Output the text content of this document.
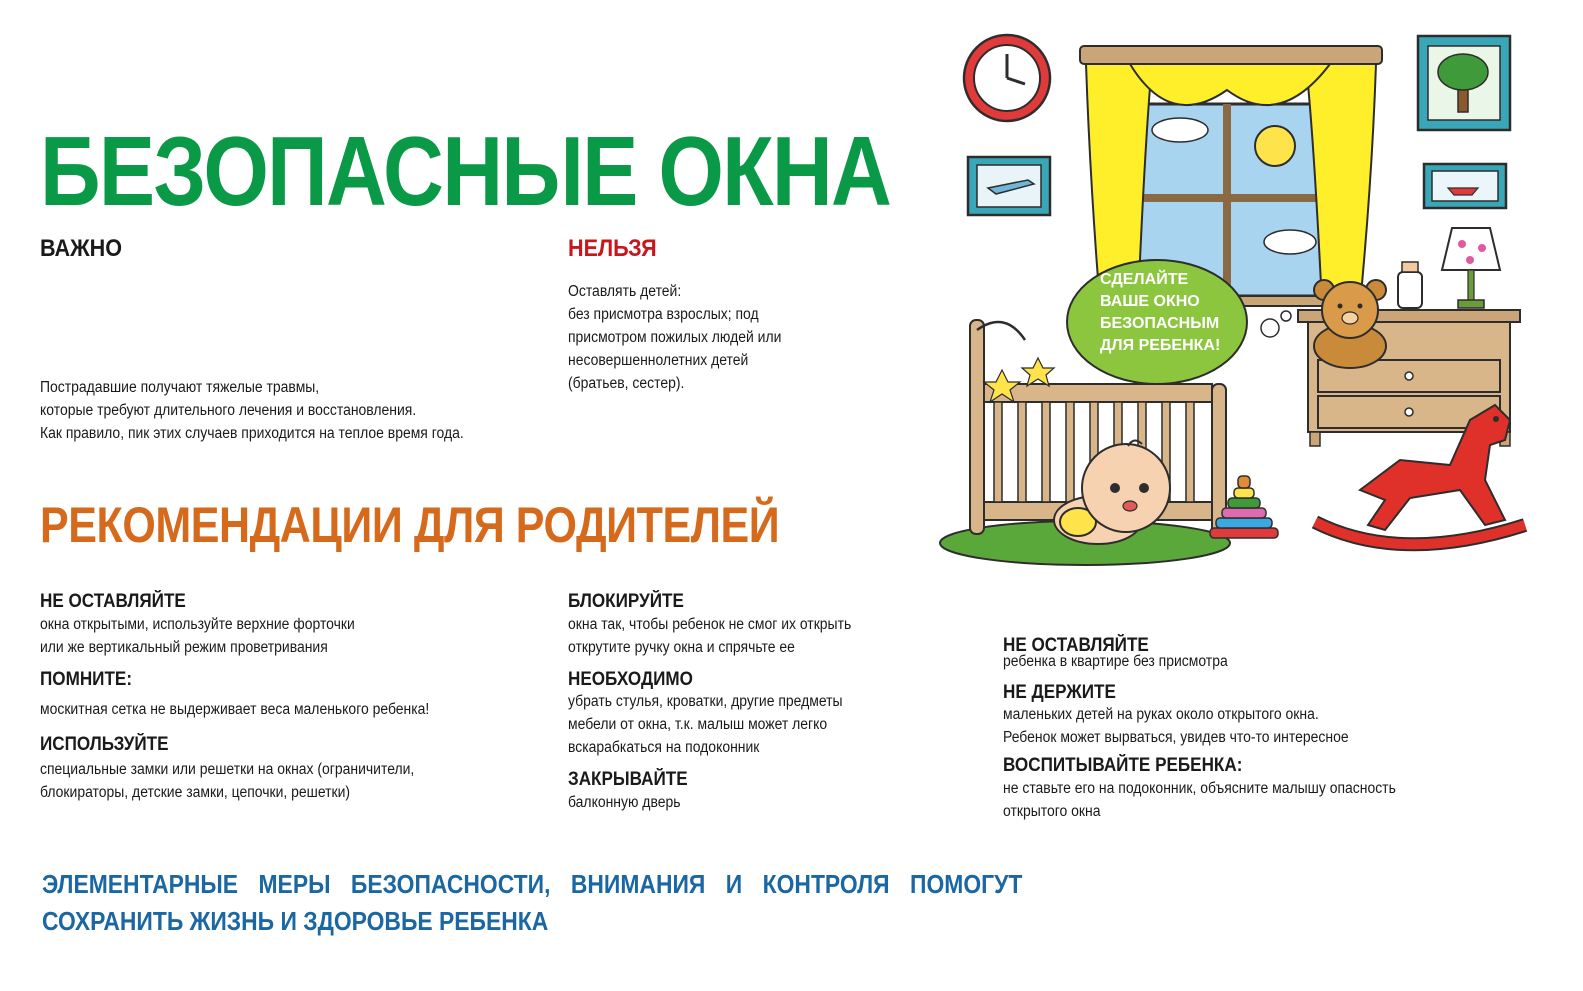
БЕЗОПАСНЫЕ ОКНА
ВАЖНО
Пострадавшие получают тяжелые травмы,
которые требуют длительного лечения и восстановления.
Как правило, пик этих случаев приходится на теплое время года.
НЕЛЬЗЯ
Оставлять детей:
без присмотра взрослых; под
присмотром пожилых людей или
несовершеннолетних детей
(братьев, сестер).
РЕКОМЕНДАЦИИ ДЛЯ РОДИТЕЛЕЙ
НЕ ОСТАВЛЯЙТЕ
окна открытыми, используйте верхние форточки
или же вертикальный режим проветривания
ПОМНИТЕ:
москитная сетка не выдерживает веса маленького ребенка!
ИСПОЛЬЗУЙТЕ
специальные замки или решетки на окнах (ограничители,
блокираторы, детские замки, цепочки, решетки)
БЛОКИРУЙТЕ
окна так, чтобы ребенок не смог их открыть
открутите ручку окна и спрячьте ее
НЕОБХОДИМО
убрать стулья, кроватки, другие предметы
мебели от окна, т.к. малыш может легко
вскарабкаться на подоконник
ЗАКРЫВАЙТЕ
балконную дверь
НЕ ОСТАВЛЯЙТЕ
ребенка в квартире без присмотра
НЕ ДЕРЖИТЕ
маленьких детей на руках около открытого окна.
Ребенок может вырваться, увидев что-то интересное
ВОСПИТЫВАЙТЕ РЕБЕНКА:
не ставьте его на подоконник, объясните малышу опасность
открытого окна
ЭЛЕМЕНТАРНЫЕ МЕРЫ БЕЗОПАСНОСТИ, ВНИМАНИЯ И КОНТРОЛЯ ПОМОГУТ
СОХРАНИТЬ ЖИЗНЬ И ЗДОРОВЬЕ РЕБЕНКА
СДЕЛАЙТЕ
ВАШЕ ОКНО
БЕЗОПАСНЫМ
ДЛЯ РЕБЕНКА!
